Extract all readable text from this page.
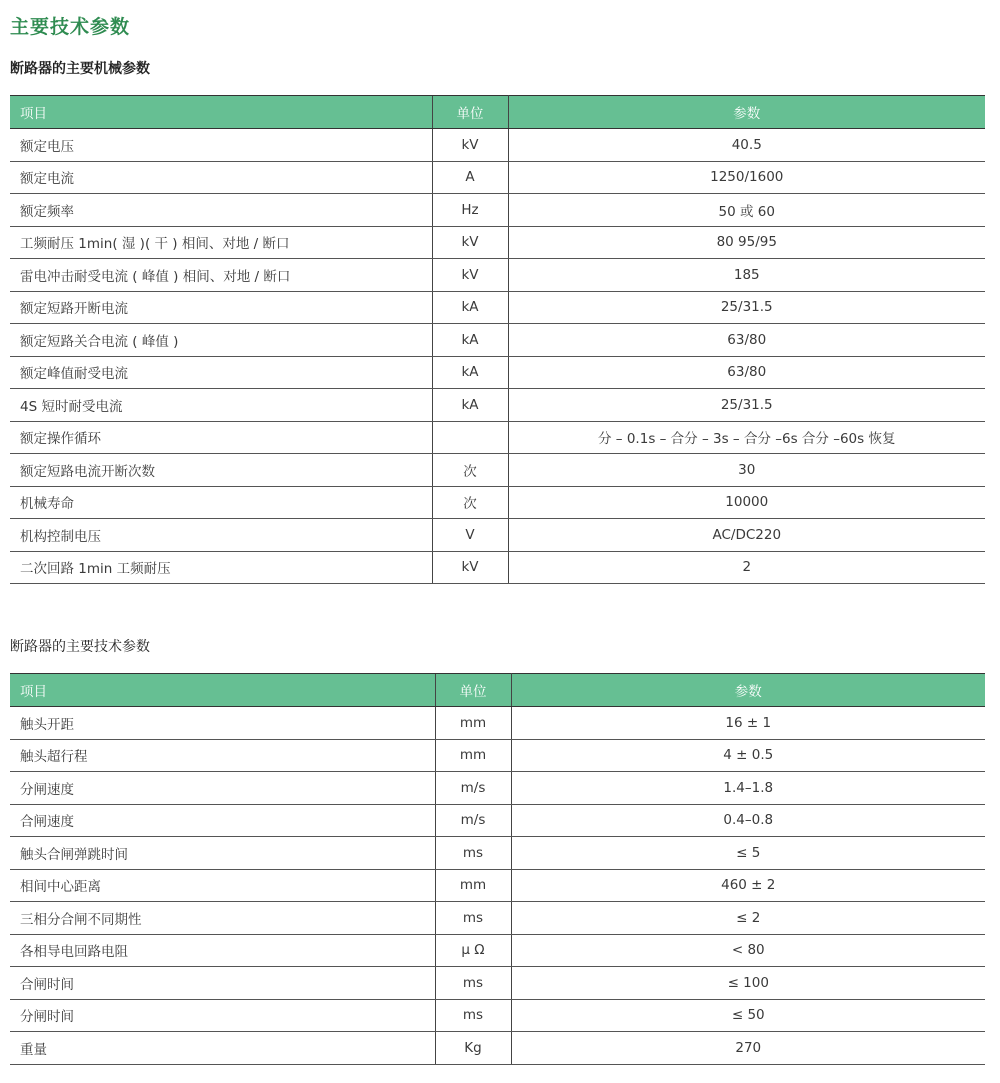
主要技术参数
断路器的主要机械参数
项目	单位	参数
额定电压	kV	40.5
额定电流	A	1250/1600
额定频率	Hz	50 或 60
工频耐压 1min( 湿 )( 干 ) 相间、对地 / 断口	kV	80 95/95
雷电冲击耐受电流 ( 峰值 ) 相间、对地 / 断口	kV	185
额定短路开断电流	kA	25/31.5
额定短路关合电流 ( 峰值 )	kA	63/80
额定峰值耐受电流	kA	63/80
4S 短时耐受电流	kA	25/31.5
额定操作循环		分 – 0.1s – 合分 – 3s – 合分 –6s 合分 –60s 恢复
额定短路电流开断次数	次	30
机械寿命	次	10000
机构控制电压	V	AC/DC220
二次回路 1min 工频耐压	kV	2
断路器的主要技术参数
项目	单位	参数
触头开距	mm	16 ± 1
触头超行程	mm	4 ± 0.5
分闸速度	m/s	1.4–1.8
合闸速度	m/s	0.4–0.8
触头合闸弹跳时间	ms	≤ 5
相间中心距离	mm	460 ± 2
三相分合闸不同期性	ms	≤ 2
各相导电回路电阻	μ Ω	< 80
合闸时间	ms	≤ 100
分闸时间	ms	≤ 50
重量	Kg	270
